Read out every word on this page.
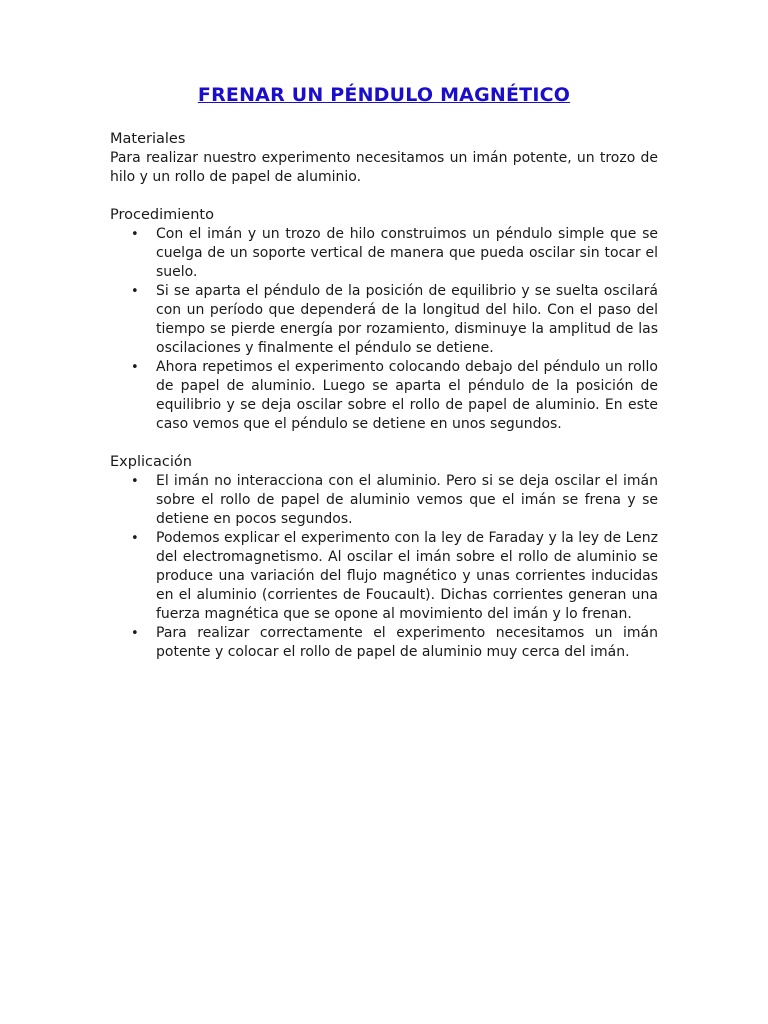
FRENAR UN PÉNDULO MAGNÉTICO

Materiales

Para realizar nuestro experimento necesitamos un imán potente, un trozo de hilo y un rollo de papel de aluminio.

Procedimiento

• Con el imán y un trozo de hilo construimos un péndulo simple que se cuelga de un soporte vertical de manera que pueda oscilar sin tocar el suelo.
• Si se aparta el péndulo de la posición de equilibrio y se suelta oscilará con un período que dependerá de la longitud del hilo. Con el paso del tiempo se pierde energía por rozamiento, disminuye la amplitud de las oscilaciones y finalmente el péndulo se detiene.
• Ahora repetimos el experimento colocando debajo del péndulo un rollo de papel de aluminio. Luego se aparta el péndulo de la posición de equilibrio y se deja oscilar sobre el rollo de papel de aluminio. En este caso vemos que el péndulo se detiene en unos segundos.

Explicación

• El imán no interacciona con el aluminio. Pero si se deja oscilar el imán sobre el rollo de papel de aluminio vemos que el imán se frena y se detiene en pocos segundos.
• Podemos explicar el experimento con la ley de Faraday y la ley de Lenz del electromagnetismo. Al oscilar el imán sobre el rollo de aluminio se produce una variación del flujo magnético y unas corrientes inducidas en el aluminio (corrientes de Foucault). Dichas corrientes generan una fuerza magnética que se opone al movimiento del imán y lo frenan.
• Para realizar correctamente el experimento necesitamos un imán potente y colocar el rollo de papel de aluminio muy cerca del imán.
